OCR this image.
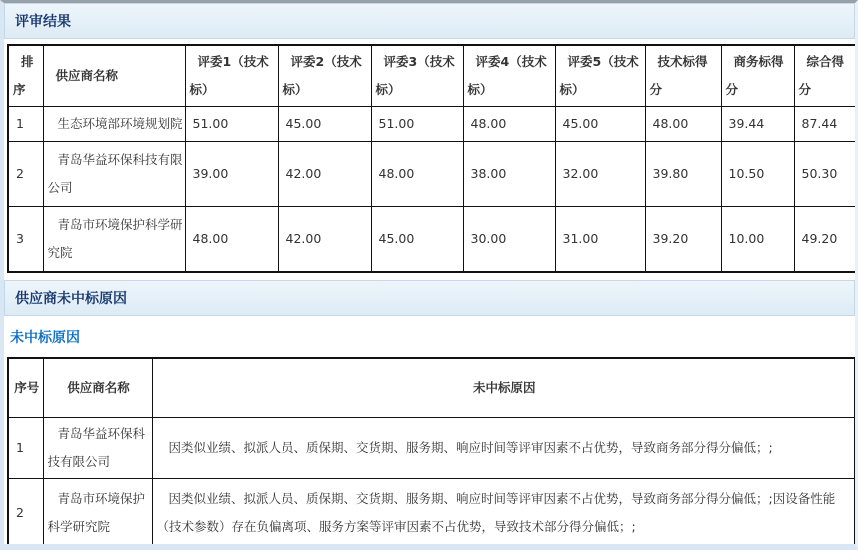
评审结果
排序	供应商名称	评委1（技术标）	评委2（技术标）	评委3（技术标）	评委4（技术标）	评委5（技术标）	技术标得分	商务标得分	综合得分
1	生态环境部环境规划院	51.00	45.00	51.00	48.00	45.00	48.00	39.44	87.44
2	青岛华益环保科技有限公司	39.00	42.00	48.00	38.00	32.00	39.80	10.50	50.30
3	青岛市环境保护科学研究院	48.00	42.00	45.00	30.00	31.00	39.20	10.00	49.20
供应商未中标原因
未中标原因
序号	供应商名称	未中标原因
1	青岛华益环保科技有限公司	因类似业绩、拟派人员、质保期、交货期、服务期、响应时间等评审因素不占优势，导致商务部分得分偏低；;
2	青岛市环境保护科学研究院	因类似业绩、拟派人员、质保期、交货期、服务期、响应时间等评审因素不占优势，导致商务部分得分偏低；;因设备性能（技术参数）存在负偏离项、服务方案等评审因素不占优势，导致技术部分得分偏低；;
